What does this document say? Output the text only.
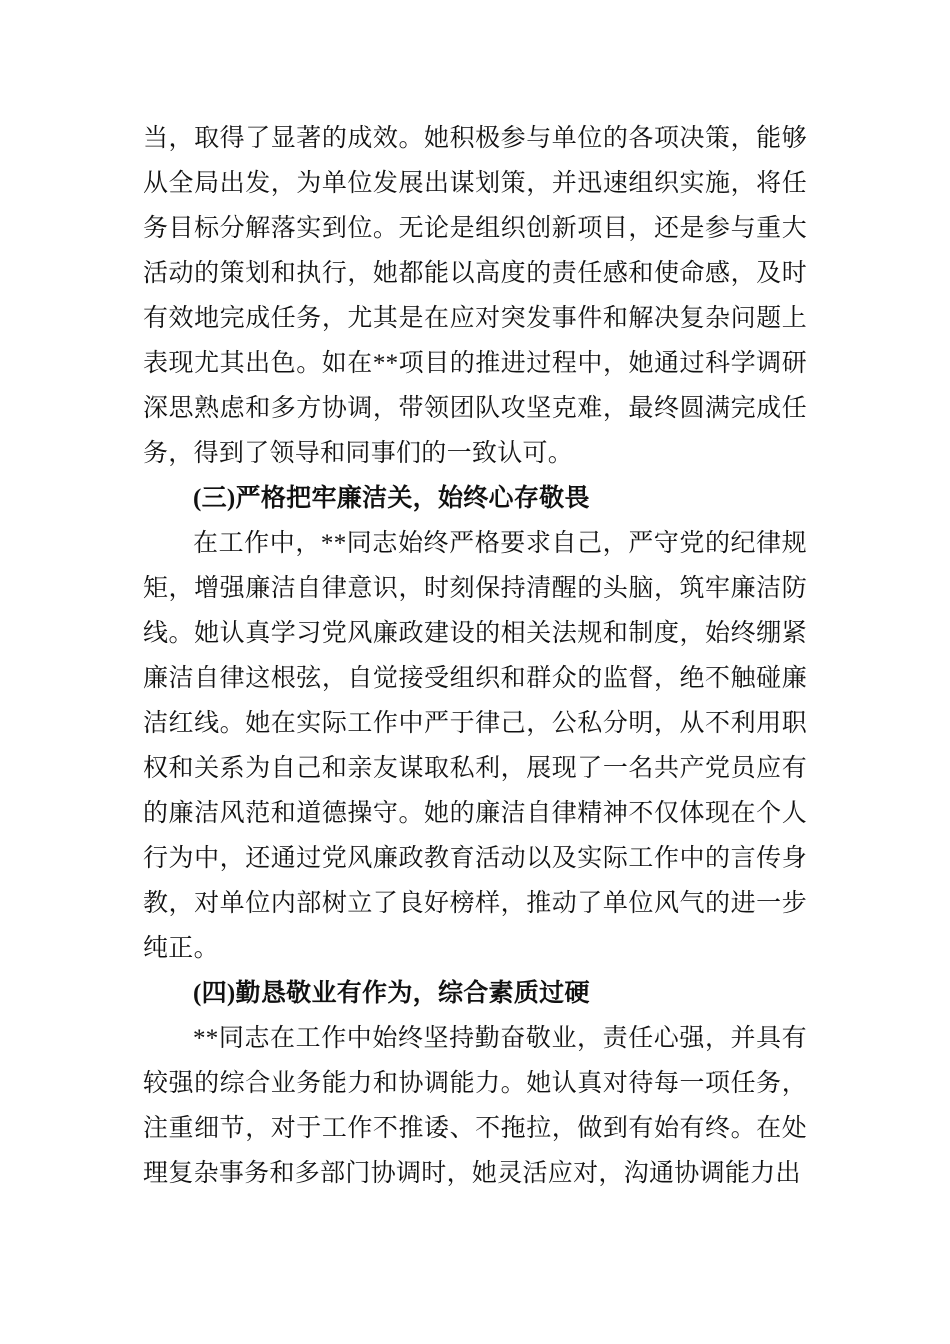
当，取得了显著的成效。她积极参与单位的各项决策，能够从全局出发，为单位发展出谋划策，并迅速组织实施，将任务目标分解落实到位。无论是组织创新项目，还是参与重大活动的策划和执行，她都能以高度的责任感和使命感，及时有效地完成任务，尤其是在应对突发事件和解决复杂问题上表现尤其出色。如在**项目的推进过程中，她通过科学调研深思熟虑和多方协调，带领团队攻坚克难，最终圆满完成任务，得到了领导和同事们的一致认可。

(三)严格把牢廉洁关，始终心存敬畏

在工作中，**同志始终严格要求自己，严守党的纪律规矩，增强廉洁自律意识，时刻保持清醒的头脑，筑牢廉洁防线。她认真学习党风廉政建设的相关法规和制度，始终绷紧廉洁自律这根弦，自觉接受组织和群众的监督，绝不触碰廉洁红线。她在实际工作中严于律己，公私分明，从不利用职权和关系为自己和亲友谋取私利，展现了一名共产党员应有的廉洁风范和道德操守。她的廉洁自律精神不仅体现在个人行为中，还通过党风廉政教育活动以及实际工作中的言传身教，对单位内部树立了良好榜样，推动了单位风气的进一步纯正。

(四)勤恳敬业有作为，综合素质过硬

**同志在工作中始终坚持勤奋敬业，责任心强，并具有较强的综合业务能力和协调能力。她认真对待每一项任务，注重细节，对于工作不推诿、不拖拉，做到有始有终。在处理复杂事务和多部门协调时，她灵活应对，沟通协调能力出
